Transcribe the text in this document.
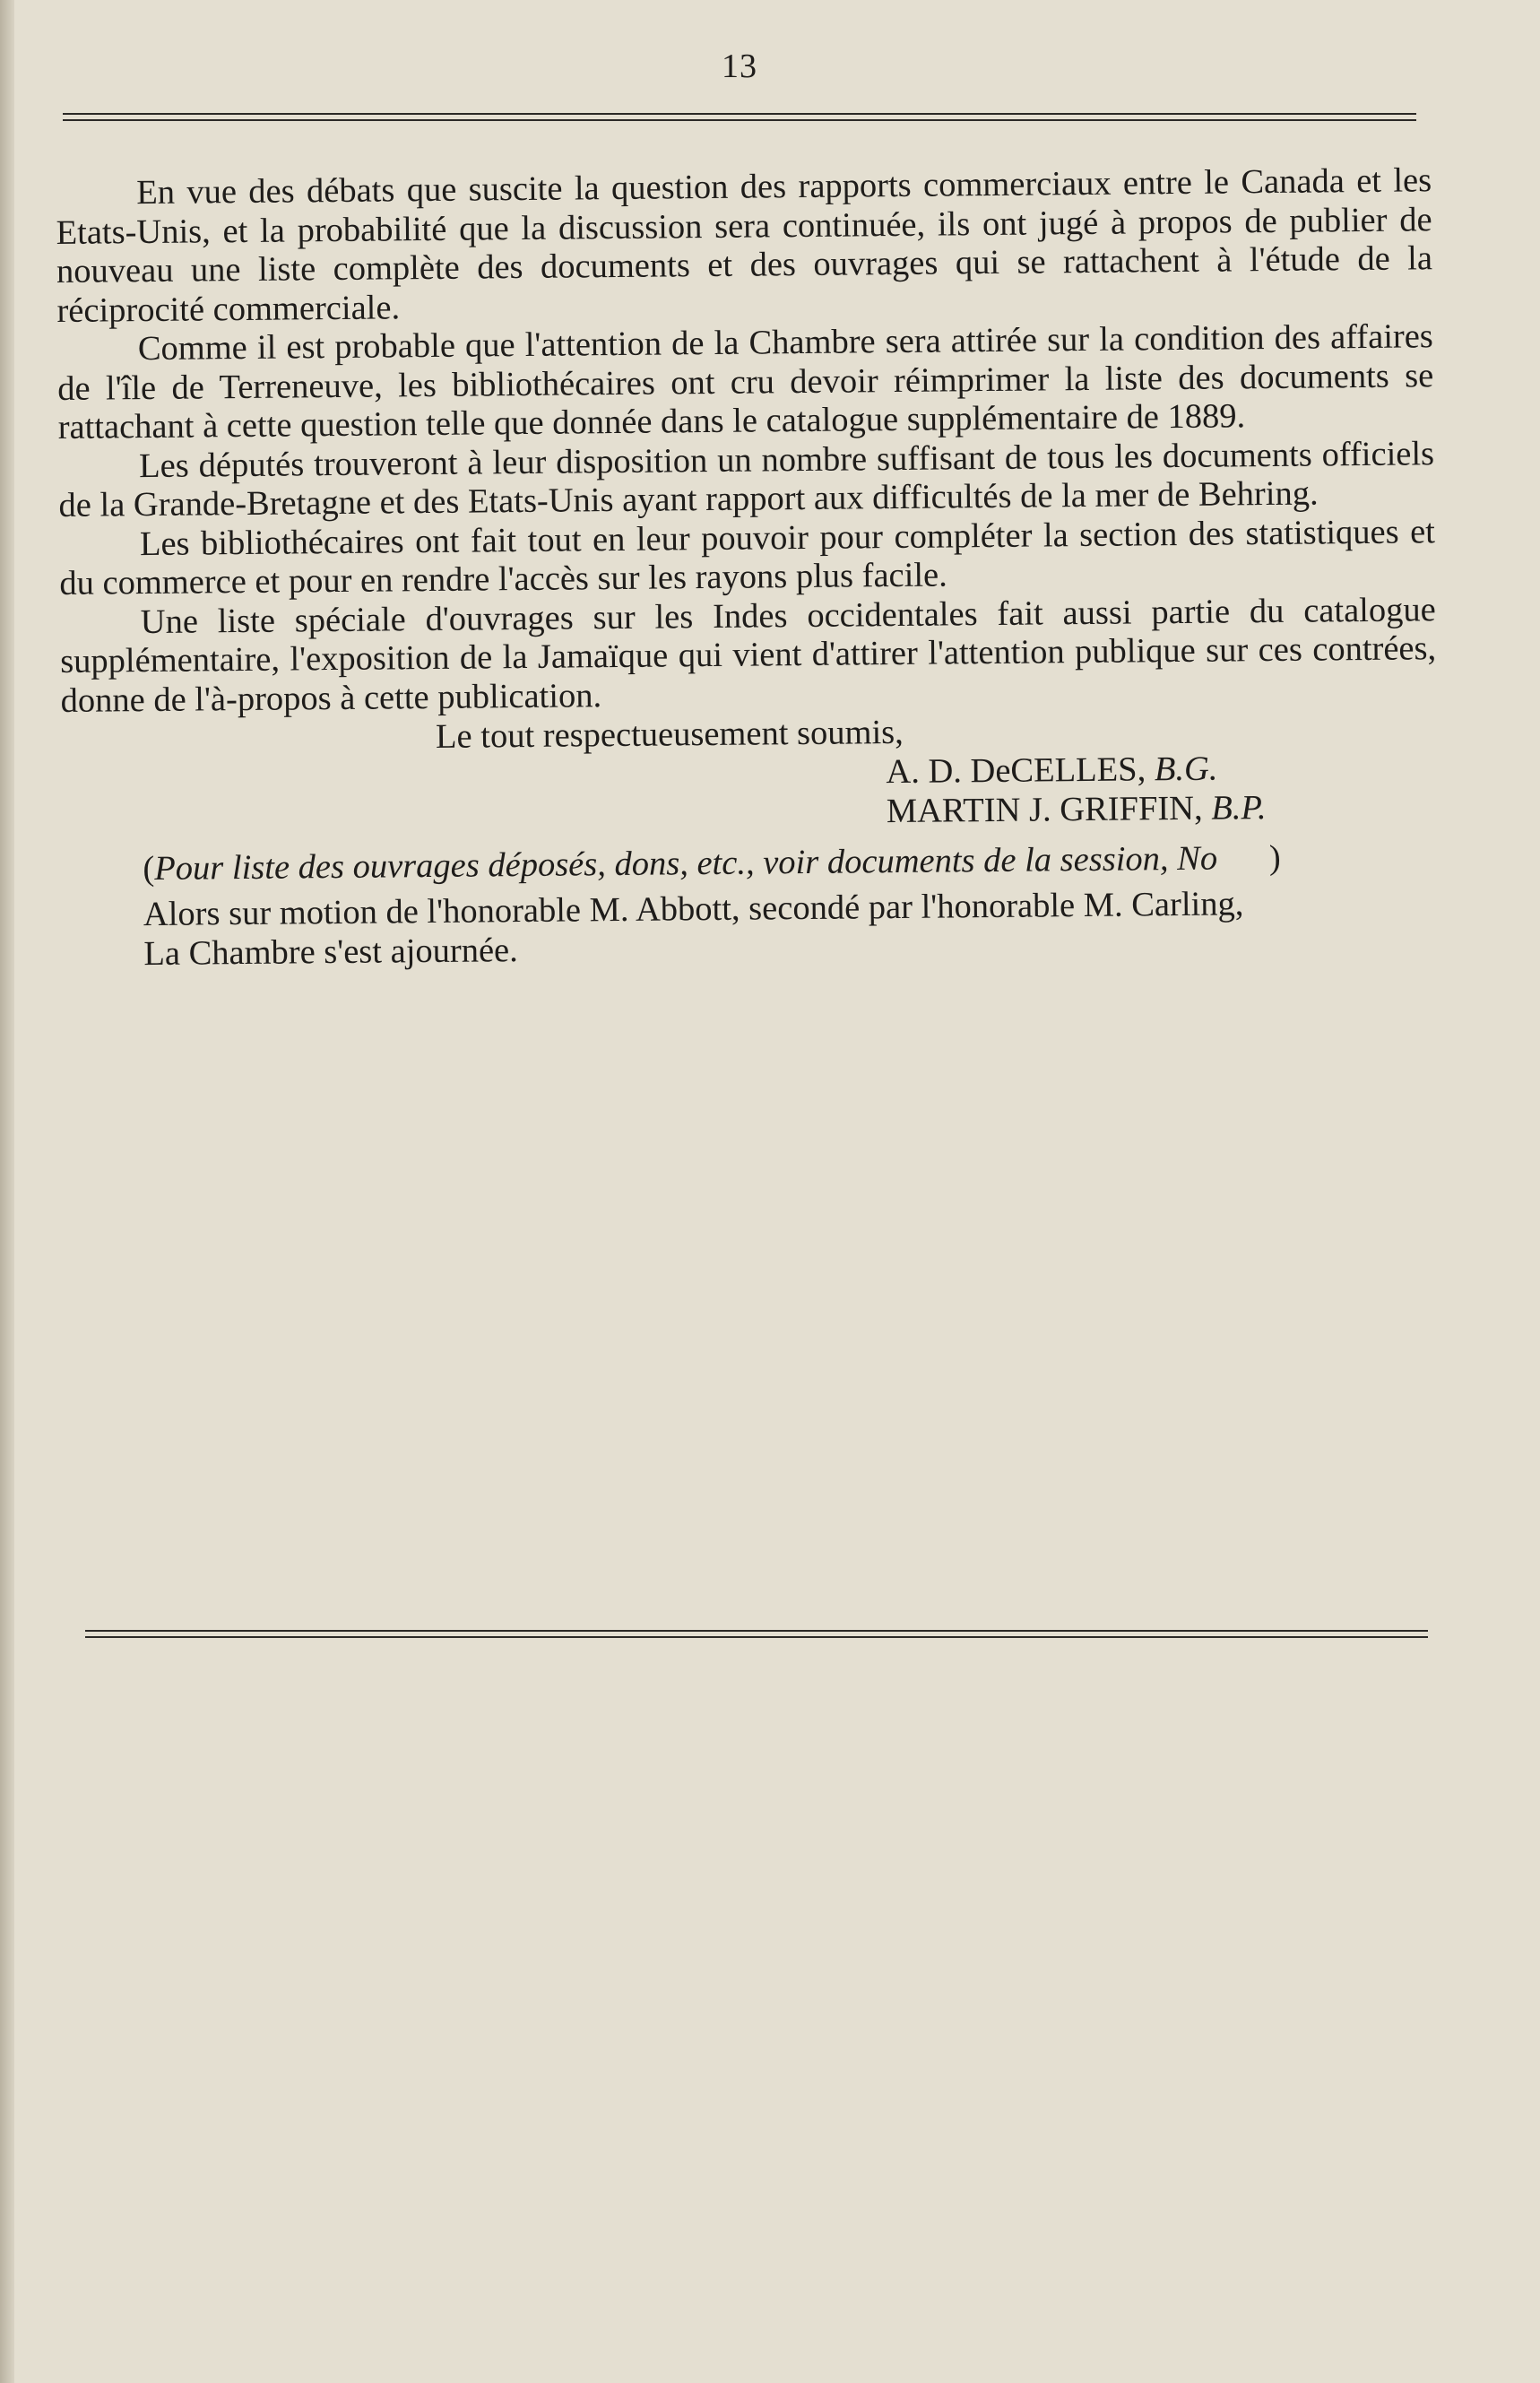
13

En vue des débats que suscite la question des rapports commerciaux entre le Canada et les Etats-Unis, et la probabilité que la discussion sera continuée, ils ont jugé à propos de publier de nouveau une liste complète des documents et des ouvrages qui se rattachent à l'étude de la réciprocité commerciale.

Comme il est probable que l'attention de la Chambre sera attirée sur la condition des affaires de l'île de Terreneuve, les bibliothécaires ont cru devoir réimprimer la liste des documents se rattachant à cette question telle que donnée dans le catalogue supplémentaire de 1889.

Les députés trouveront à leur disposition un nombre suffisant de tous les documents officiels de la Grande-Bretagne et des Etats-Unis ayant rapport aux difficultés de la mer de Behring.

Les bibliothécaires ont fait tout en leur pouvoir pour compléter la section des statistiques et du commerce et pour en rendre l'accès sur les rayons plus facile.

Une liste spéciale d'ouvrages sur les Indes occidentales fait aussi partie du catalogue supplémentaire, l'exposition de la Jamaïque qui vient d'attirer l'attention publique sur ces contrées, donne de l'à-propos à cette publication.

Le tout respectueusement soumis,

A. D. DeCELLES, B.G.

MARTIN J. GRIFFIN, B.P.

(Pour liste des ouvrages déposés, dons, etc., voir documents de la session, No )

Alors sur motion de l'honorable M. Abbott, secondé par l'honorable M. Carling,

La Chambre s'est ajournée.
